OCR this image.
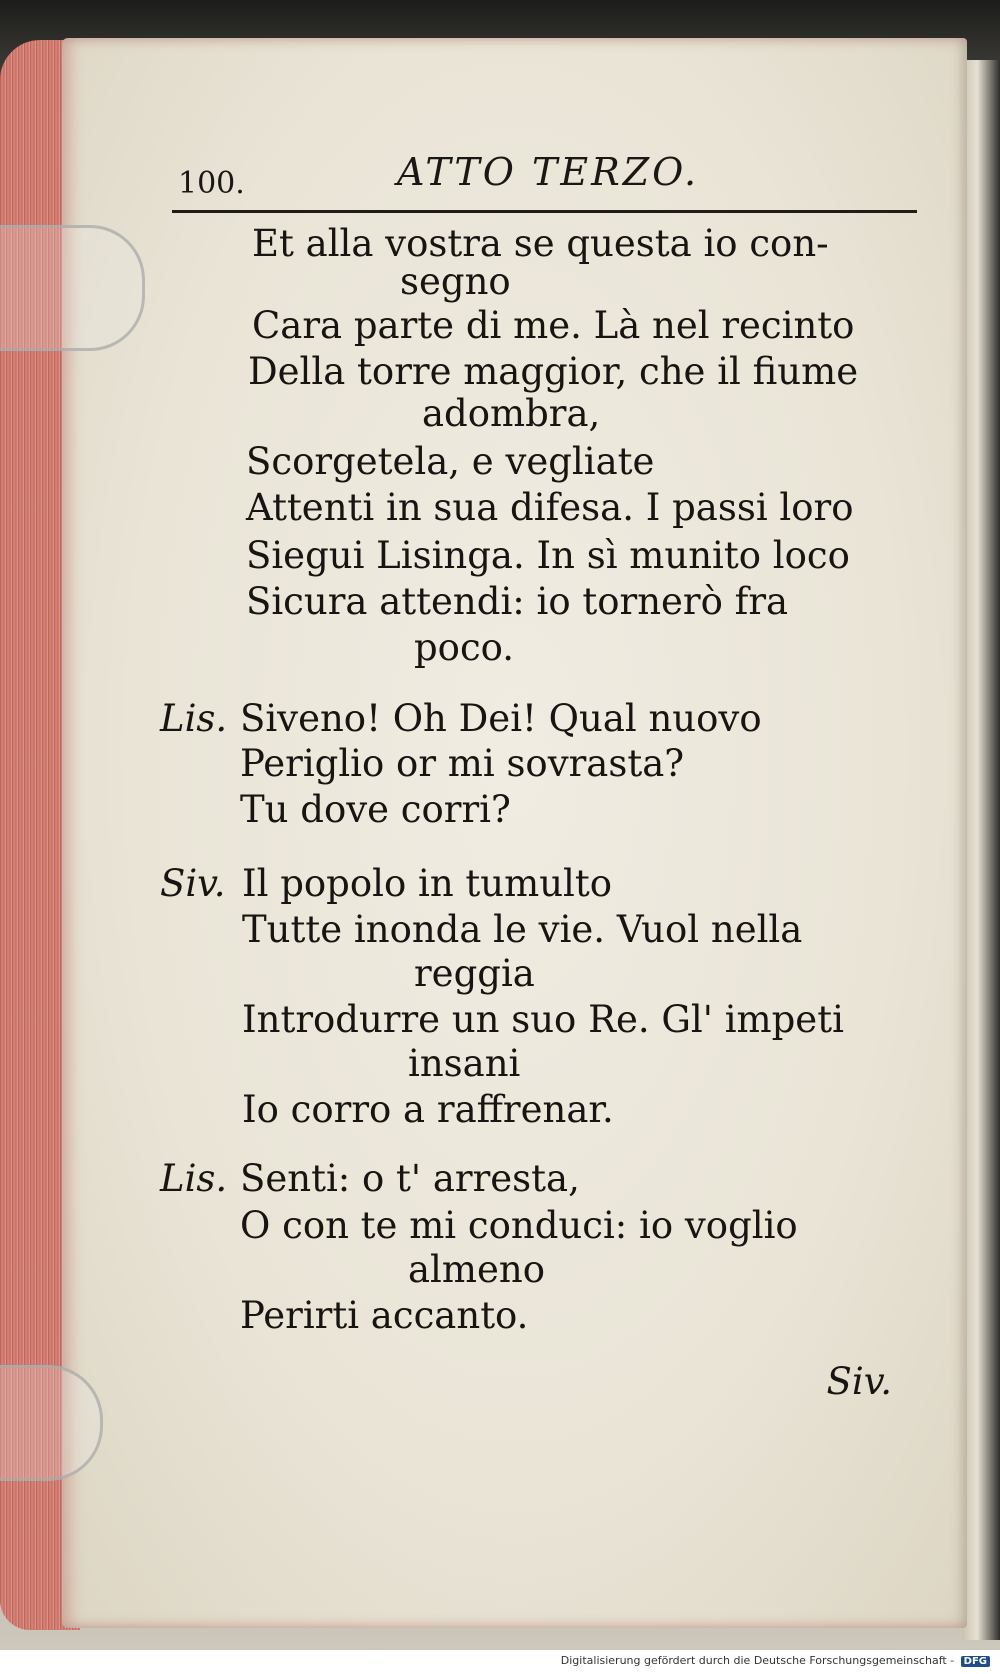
100.	ATTO TERZO.
Et alla vostra se questa io con-
segno
Cara parte di me. Là nel recinto
Della torre maggior, che il fiume
adombra,
Scorgetela, e vegliate
Attenti in sua difesa. I passi loro
Siegui Lisinga. In sì munito loco
Sicura attendi: io tornerò fra
poco.
Lis. Siveno! Oh Dei! Qual nuovo
Periglio or mi sovrasta?
Tu dove corri?
Siv. Il popolo in tumulto
Tutte inonda le vie. Vuol nella
reggia
Introdurre un suo Re. Gl' impeti
insani
Io corro a raffrenar.
Lis. Senti: o t' arresta,
O con te mi conduci: io voglio
almeno
Perirti accanto.
Siv.
Digitalisierung gefördert durch die Deutsche Forschungsgemeinschaft - DFG
